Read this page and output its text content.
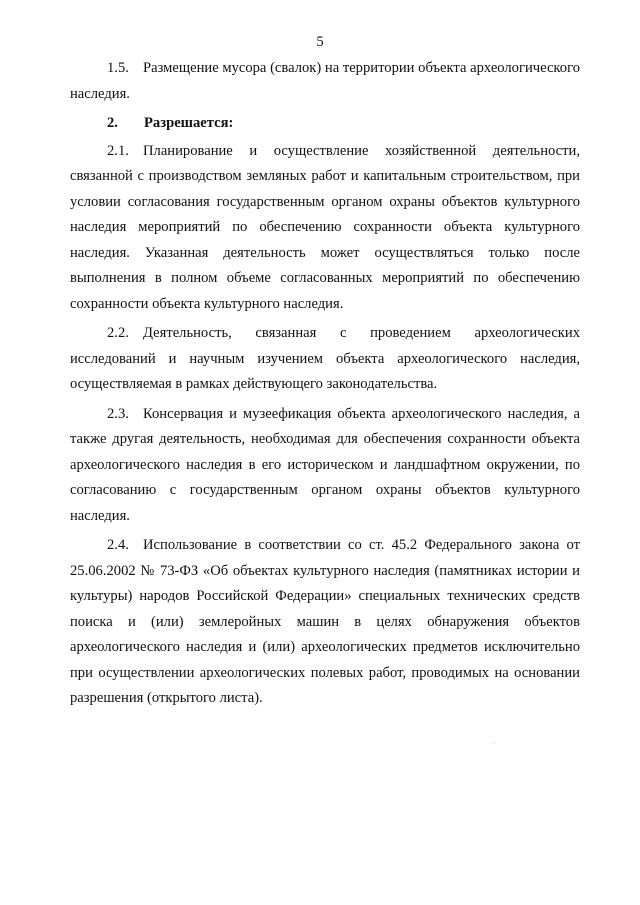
5

1.5. Размещение мусора (свалок) на территории объекта археологического наследия.

2. Разрешается:

2.1. Планирование и осуществление хозяйственной деятельности, связанной с производством земляных работ и капитальным строительством, при условии согласования государственным органом охраны объектов культурного наследия мероприятий по обеспечению сохранности объекта культурного наследия. Указанная деятельность может осуществляться только после выполнения в полном объеме согласованных мероприятий по обеспечению сохранности объекта культурного наследия.

2.2. Деятельность, связанная с проведением археологических исследований и научным изучением объекта археологического наследия, осуществляемая в рамках действующего законодательства.

2.3. Консервация и музеефикация объекта археологического наследия, а также другая деятельность, необходимая для обеспечения сохранности объекта археологического наследия в его историческом и ландшафтном окружении, по согласованию с государственным органом охраны объектов культурного наследия.

2.4. Использование в соответствии со ст. 45.2 Федерального закона от 25.06.2002 № 73-ФЗ «Об объектах культурного наследия (памятниках истории и культуры) народов Российской Федерации» специальных технических средств поиска и (или) землеройных машин в целях обнаружения объектов археологического наследия и (или) археологических предметов исключительно при осуществлении археологических полевых работ, проводимых на основании разрешения (открытого листа).
